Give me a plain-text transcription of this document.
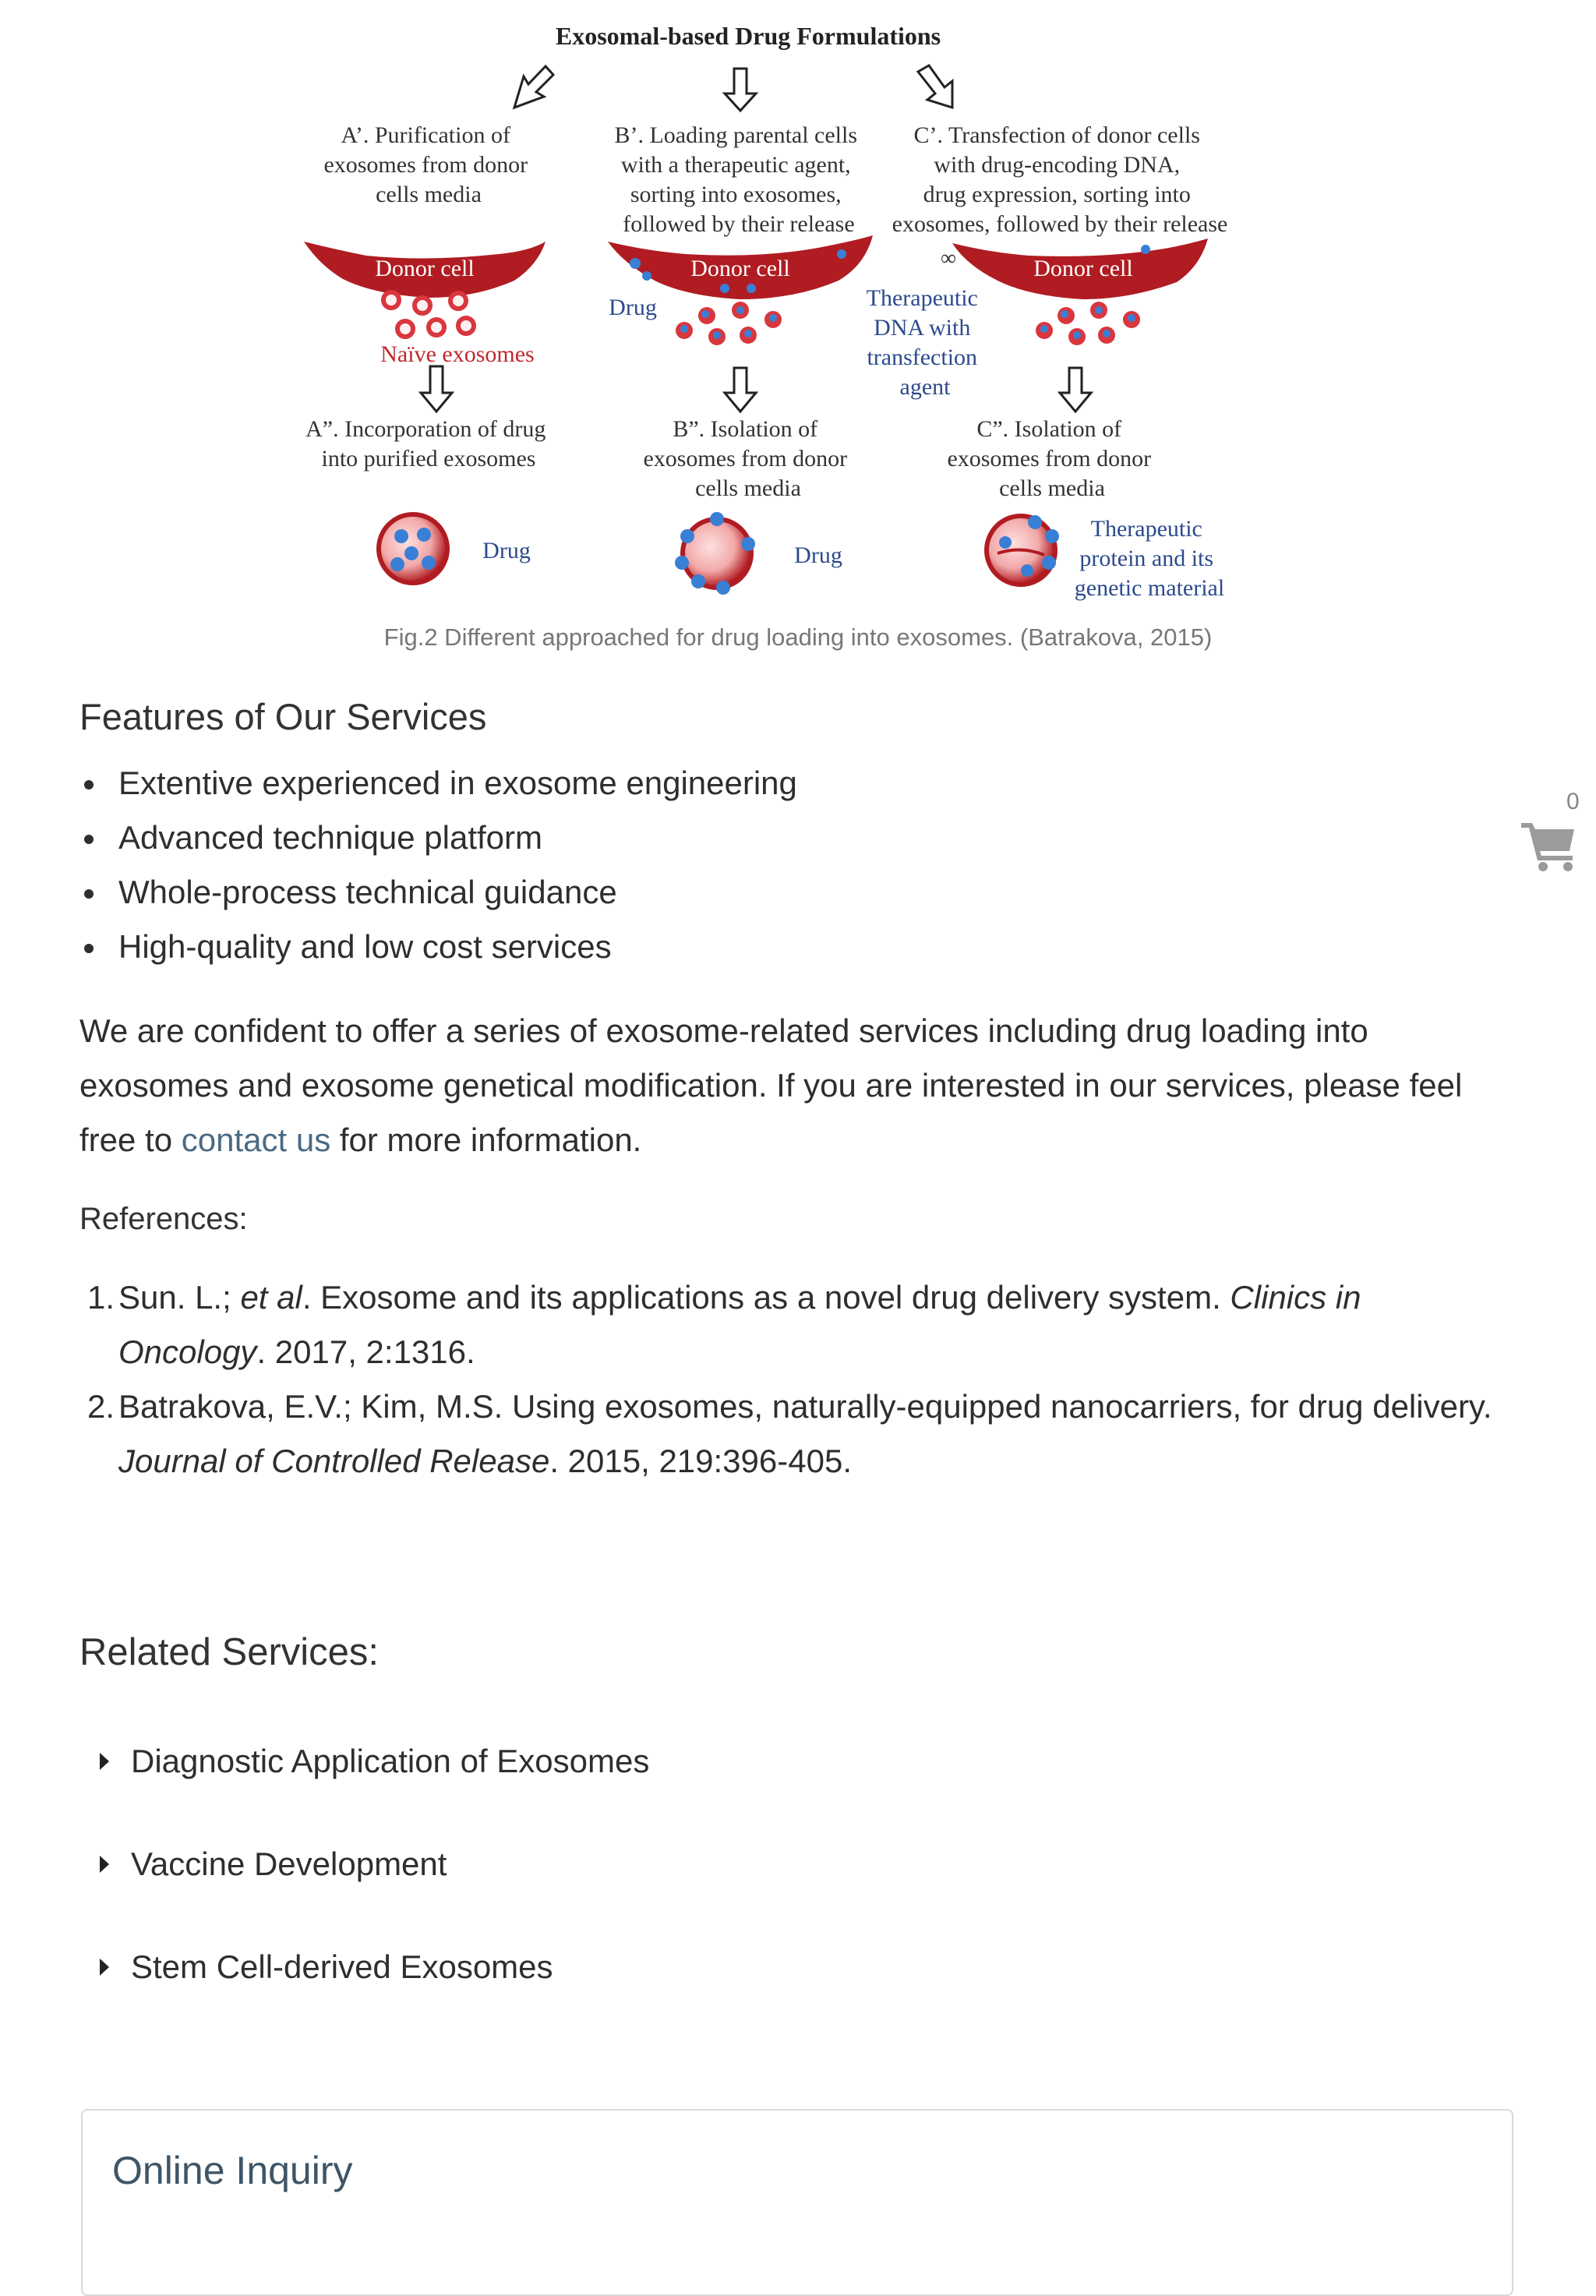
Exosomal-based Drug Formulations
A’. Purification of exosomes from donor cells media
B’. Loading parental cells with a therapeutic agent, sorting into exosomes, followed by their release
C’. Transfection of donor cells with drug-encoding DNA, drug expression, sorting into exosomes, followed by their release
Donor cell	Donor cell	Donor cell
∞
Naïve exosomes
Drug	Therapeutic DNA with transfection agent
A”. Incorporation of drug into purified exosomes
B”. Isolation of exosomes from donor cells media
C”. Isolation of exosomes from donor cells media
Drug	Drug
Therapeutic protein and its genetic material
Fig.2 Different approached for drug loading into exosomes. (Batrakova, 2015)
Features of Our Services
Extentive experienced in exosome engineering
Advanced technique platform
Whole-process technical guidance
High-quality and low cost services

We are confident to offer a series of exosome-related services including drug loading into exosomes and exosome genetical modification. If you are interested in our services, please feel free to contact us for more information.

References:
1. Sun. L.; et al. Exosome and its applications as a novel drug delivery system. Clinics in Oncology. 2017, 2:1316.
2. Batrakova, E.V.; Kim, M.S. Using exosomes, naturally-equipped nanocarriers, for drug delivery. Journal of Controlled Release. 2015, 219:396-405.
Related Services:
Diagnostic Application of Exosomes
Vaccine Development
Stem Cell-derived Exosomes
Online Inquiry
0
